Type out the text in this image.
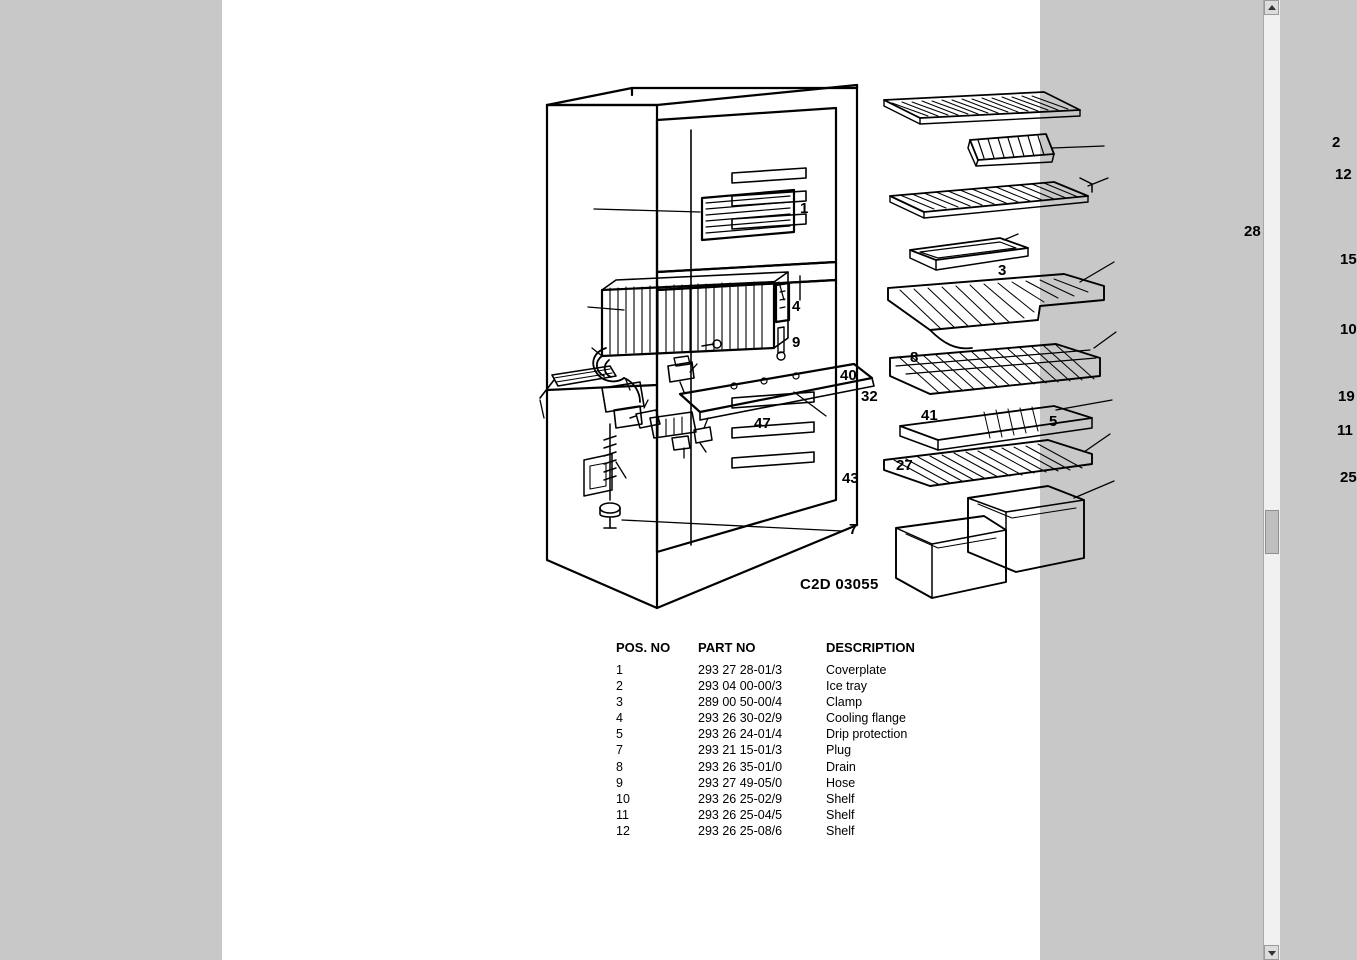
1
2
3
4
5
7
8
9
10
11
12
15
19
25
27
28
32
40
41
43
47
C2D 03055
POS. NO	PART NO	DESCRIPTION
1	293 27 28-01/3	Coverplate
2	293 04 00-00/3	Ice tray
3	289 00 50-00/4	Clamp
4	293 26 30-02/9	Cooling flange
5	293 26 24-01/4	Drip protection
7	293 21 15-01/3	Plug
8	293 26 35-01/0	Drain
9	293 27 49-05/0	Hose
10	293 26 25-02/9	Shelf
11	293 26 25-04/5	Shelf
12	293 26 25-08/6	Shelf
